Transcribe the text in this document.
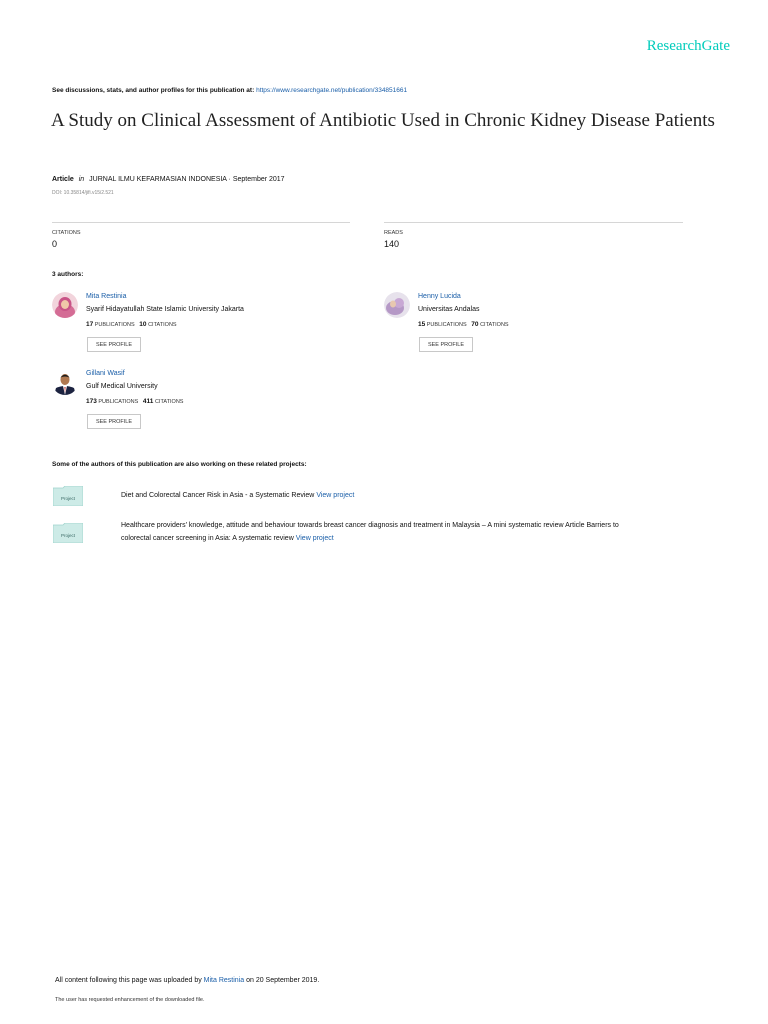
ResearchGate
See discussions, stats, and author profiles for this publication at: https://www.researchgate.net/publication/334851661
A Study on Clinical Assessment of Antibiotic Used in Chronic Kidney Disease Patients
Article in JURNAL ILMU KEFARMASIAN INDONESIA · September 2017
DOI: 10.35814/jifi.v15i2.521
CITATIONS
0
READS
140
3 authors:
Mita Restinia
Syarif Hidayatullah State Islamic University Jakarta
17 PUBLICATIONS 10 CITATIONS
SEE PROFILE
Henny Lucida
Universitas Andalas
15 PUBLICATIONS 70 CITATIONS
SEE PROFILE
Gillani Wasif
Gulf Medical University
173 PUBLICATIONS 411 CITATIONS
SEE PROFILE
Some of the authors of this publication are also working on these related projects:
Project	Diet and Colorectal Cancer Risk in Asia - a Systematic Review View project
Project
Healthcare providers' knowledge, attitude and behaviour towards breast cancer diagnosis and treatment in Malaysia – A mini systematic review Article Barriers to
colorectal cancer screening in Asia: A systematic review View project
All content following this page was uploaded by Mita Restinia on 20 September 2019.
The user has requested enhancement of the downloaded file.
